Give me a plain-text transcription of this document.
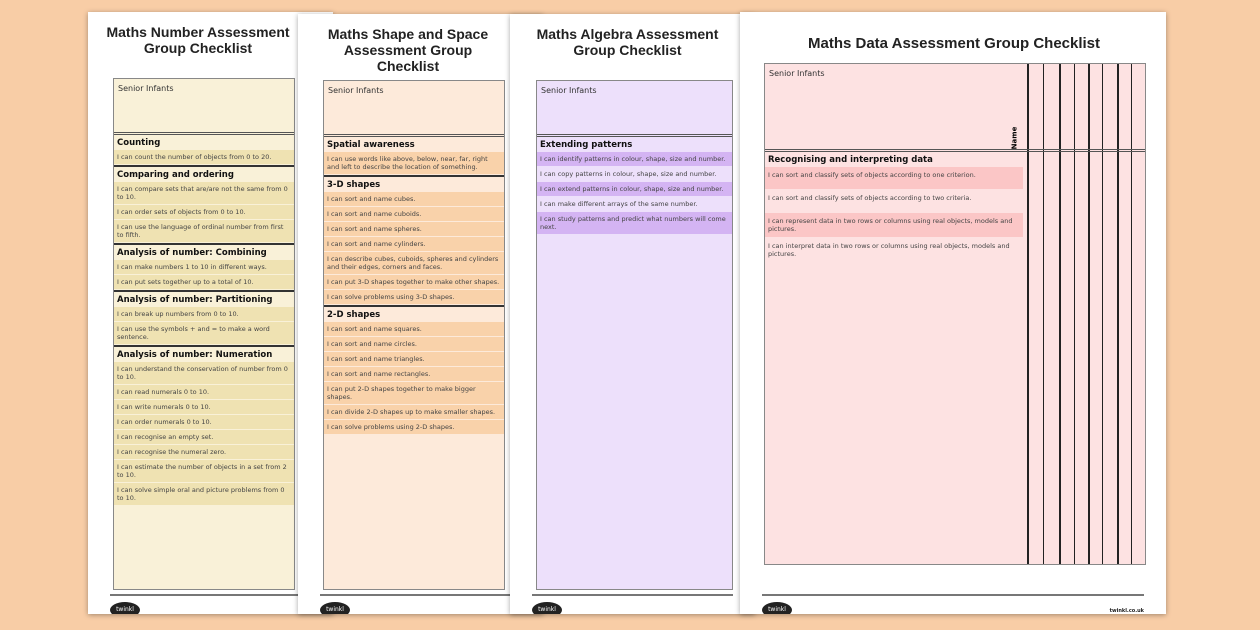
Maths Number Assessment Group Checklist
Senior Infants
Counting
I can count the number of objects from 0 to 20.
Comparing and ordering
I can compare sets that are/are not the same from 0 to 10.
I can order sets of objects from 0 to 10.
I can use the language of ordinal number from first to fifth.
Analysis of number: Combining
I can make numbers 1 to 10 in different ways.
I can put sets together up to a total of 10.
Analysis of number: Partitioning
I can break up numbers from 0 to 10.
I can use the symbols + and = to make a word sentence.
Analysis of number: Numeration
I can understand the conservation of number from 0 to 10.
I can read numerals 0 to 10.
I can write numerals 0 to 10.
I can order numerals 0 to 10.
I can recognise an empty set.
I can recognise the numeral zero.
I can estimate the number of objects in a set from 2 to 10.
I can solve simple oral and picture problems from 0 to 10.
twinkl
Maths Shape and Space Assessment Group Checklist
Senior Infants
Spatial awareness
I can use words like above, below, near, far, right and left to describe the location of something.
3-D shapes
I can sort and name cubes.
I can sort and name cuboids.
I can sort and name spheres.
I can sort and name cylinders.
I can describe cubes, cuboids, spheres and cylinders and their edges, corners and faces.
I can put 3-D shapes together to make other shapes.
I can solve problems using 3-D shapes.
2-D shapes
I can sort and name squares.
I can sort and name circles.
I can sort and name triangles.
I can sort and name rectangles.
I can put 2-D shapes together to make bigger shapes.
I can divide 2-D shapes up to make smaller shapes.
I can solve problems using 2-D shapes.
twinkl
Maths Algebra Assessment Group Checklist
Senior Infants
Extending patterns
I can identify patterns in colour, shape, size and number.
I can copy patterns in colour, shape, size and number.
I can extend patterns in colour, shape, size and number.
I can make different arrays of the same number.
I can study patterns and predict what numbers will come next.
twinkl
Maths Data Assessment Group Checklist
Senior Infants
Recognising and interpreting data
I can sort and classify sets of objects according to one criterion.
I can sort and classify sets of objects according to two criteria.
I can represent data in two rows or columns using real objects, models and pictures.
I can interpret data in two rows or columns using real objects, models and pictures.
Name
twinkl	twinkl.co.uk
